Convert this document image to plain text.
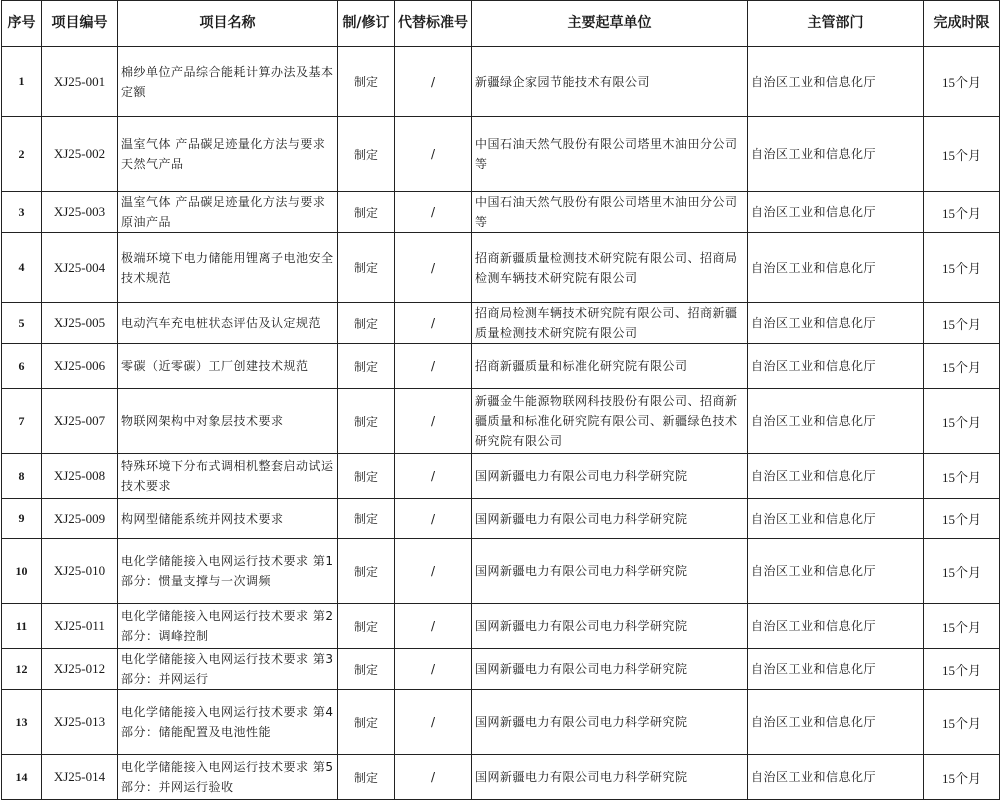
序号	项目编号	项目名称	制/修订	代替标准号	主要起草单位	主管部门	完成时限
1	XJ25-001	棉纱单位产品综合能耗计算办法及基本定额	制定	/	新疆绿企家园节能技术有限公司	自治区工业和信息化厅	15个月
2	XJ25-002	温室气体 产品碳足迹量化方法与要求 天然气产品	制定	/	中国石油天然气股份有限公司塔里木油田分公司等	自治区工业和信息化厅	15个月
3	XJ25-003	温室气体 产品碳足迹量化方法与要求 原油产品	制定	/	中国石油天然气股份有限公司塔里木油田分公司等	自治区工业和信息化厅	15个月
4	XJ25-004	极端环境下电力储能用锂离子电池安全技术规范	制定	/	招商新疆质量检测技术研究院有限公司、招商局检测车辆技术研究院有限公司	自治区工业和信息化厅	15个月
5	XJ25-005	电动汽车充电桩状态评估及认定规范	制定	/	招商局检测车辆技术研究院有限公司、招商新疆质量检测技术研究院有限公司	自治区工业和信息化厅	15个月
6	XJ25-006	零碳（近零碳）工厂创建技术规范	制定	/	招商新疆质量和标准化研究院有限公司	自治区工业和信息化厅	15个月
7	XJ25-007	物联网架构中对象层技术要求	制定	/	新疆金牛能源物联网科技股份有限公司、招商新疆质量和标准化研究院有限公司、新疆绿色技术研究院有限公司	自治区工业和信息化厅	15个月
8	XJ25-008	特殊环境下分布式调相机整套启动试运技术要求	制定	/	国网新疆电力有限公司电力科学研究院	自治区工业和信息化厅	15个月
9	XJ25-009	构网型储能系统并网技术要求	制定	/	国网新疆电力有限公司电力科学研究院	自治区工业和信息化厅	15个月
10	XJ25-010	电化学储能接入电网运行技术要求 第1部分：惯量支撑与一次调频	制定	/	国网新疆电力有限公司电力科学研究院	自治区工业和信息化厅	15个月
11	XJ25-011	电化学储能接入电网运行技术要求 第2部分：调峰控制	制定	/	国网新疆电力有限公司电力科学研究院	自治区工业和信息化厅	15个月
12	XJ25-012	电化学储能接入电网运行技术要求 第3部分：并网运行	制定	/	国网新疆电力有限公司电力科学研究院	自治区工业和信息化厅	15个月
13	XJ25-013	电化学储能接入电网运行技术要求 第4部分：储能配置及电池性能	制定	/	国网新疆电力有限公司电力科学研究院	自治区工业和信息化厅	15个月
14	XJ25-014	电化学储能接入电网运行技术要求 第5部分：并网运行验收	制定	/	国网新疆电力有限公司电力科学研究院	自治区工业和信息化厅	15个月
